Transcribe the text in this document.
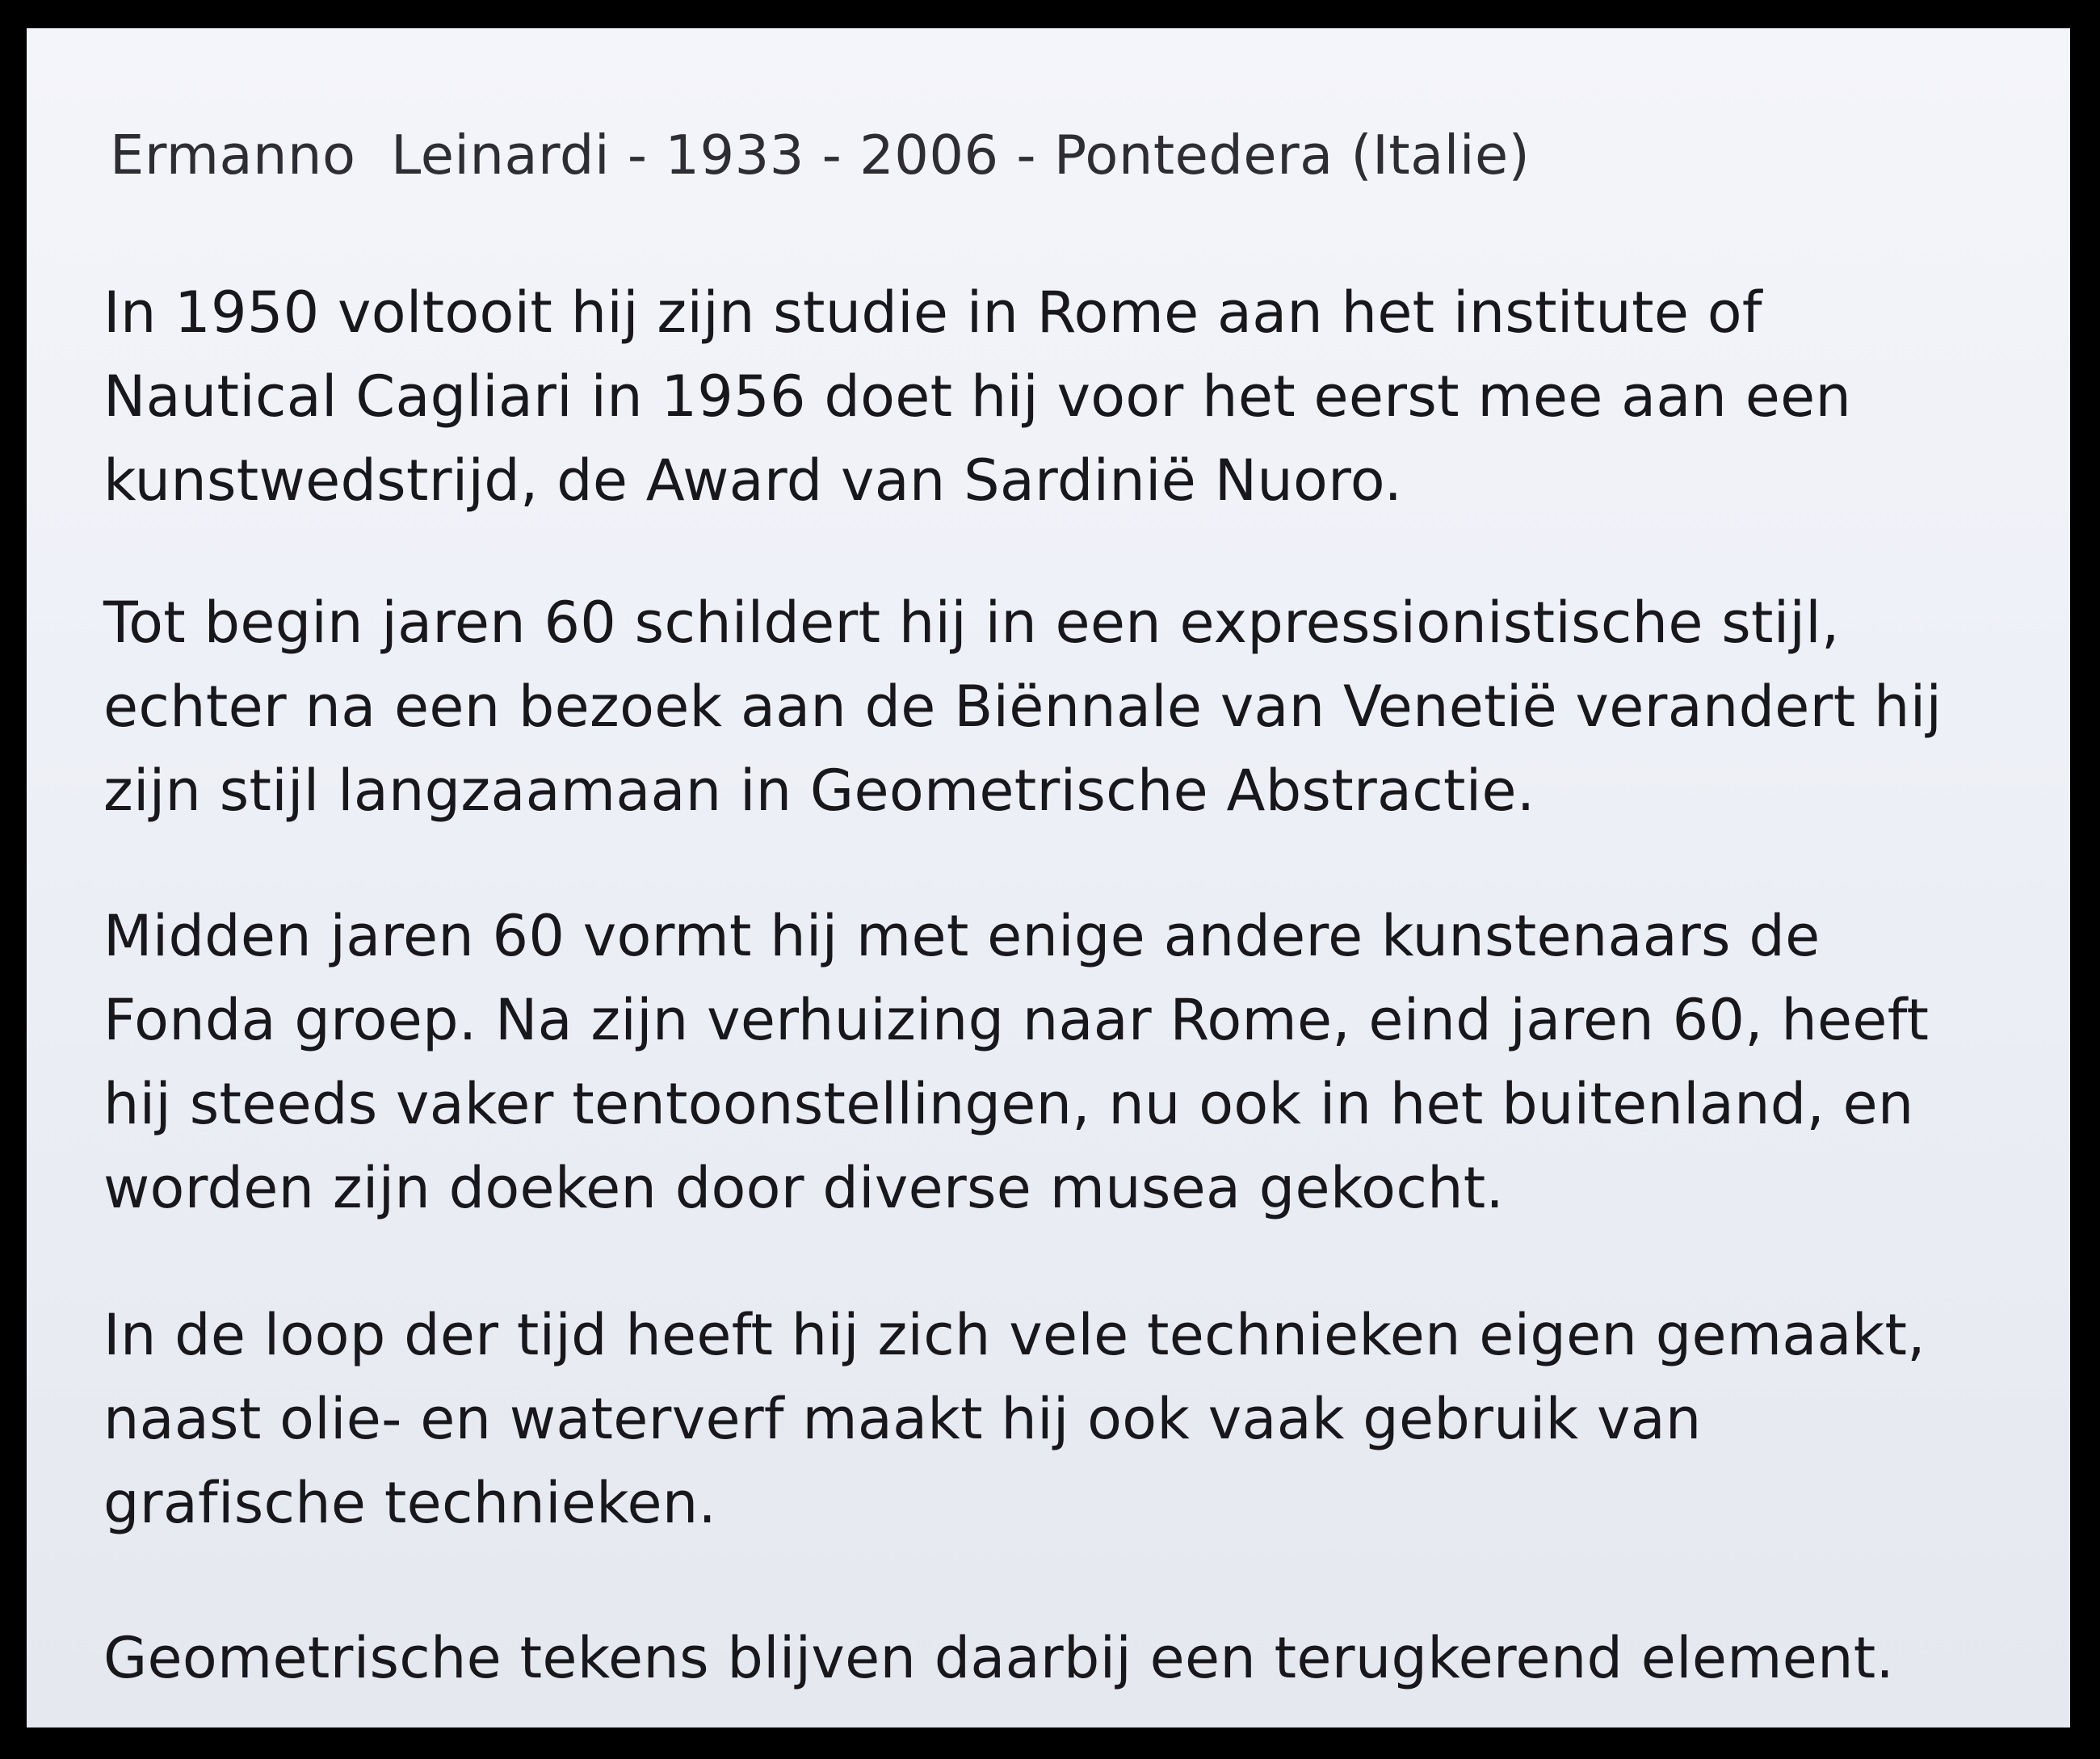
Ermanno  Leinardi - 1933 - 2006 - Pontedera (Italie)
In 1950 voltooit hij zijn studie in Rome aan het institute of
Nautical Cagliari in 1956 doet hij voor het eerst mee aan een
kunstwedstrijd, de Award van Sardinië Nuoro.
Tot begin jaren 60 schildert hij in een expressionistische stijl,
echter na een bezoek aan de Biënnale van Venetië verandert hij
zijn stijl langzaamaan in Geometrische Abstractie.
Midden jaren 60 vormt hij met enige andere kunstenaars de
Fonda groep. Na zijn verhuizing naar Rome, eind jaren 60, heeft
hij steeds vaker tentoonstellingen, nu ook in het buitenland, en
worden zijn doeken door diverse musea gekocht.
In de loop der tijd heeft hij zich vele technieken eigen gemaakt,
naast olie- en waterverf maakt hij ook vaak gebruik van
grafische technieken.
Geometrische tekens blijven daarbij een terugkerend element.
